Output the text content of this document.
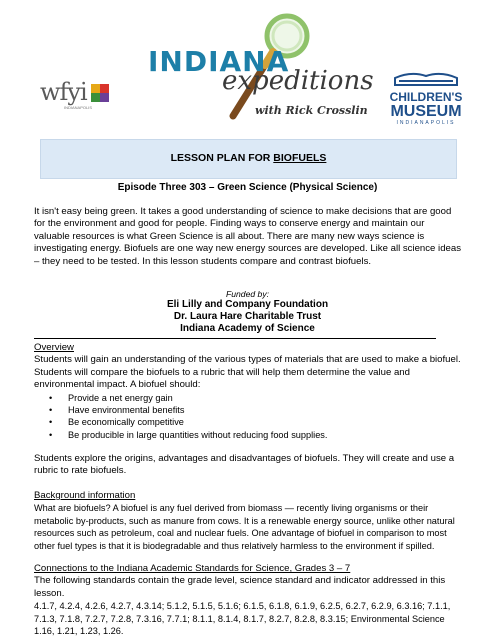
wfyi
INDIANAPOLIS
INDIANA
expeditions
with Rick Crosslin
CHILDREN'S
MUSEUM
INDIANAPOLIS
LESSON PLAN FOR BIOFUELS
Episode Three 303 – Green Science (Physical Science)
It isn't easy being green. It takes a good understanding of science to make decisions that are good for the environment and good for people. Finding ways to conserve energy and maintain our valuable resources is what Green Science is all about. There are many new ways science is investigating energy. Biofuels are one way new energy sources are developed. Like all science ideas – they need to be tested. In this lesson students compare and contrast biofuels.
Funded by:
Eli Lilly and Company Foundation
Dr. Laura Hare Charitable Trust
Indiana Academy of Science
Overview
Students will gain an understanding of the various types of materials that are used to make a biofuel. Students will compare the biofuels to a rubric that will help them determine the value and environmental impact. A biofuel should:
• Provide a net energy gain
• Have environmental benefits
• Be economically competitive
• Be producible in large quantities without reducing food supplies.
Students explore the origins, advantages and disadvantages of biofuels. They will create and use a rubric to rate biofuels.
Background information
What are biofuels? A biofuel is any fuel derived from biomass — recently living organisms or their metabolic by-products, such as manure from cows. It is a renewable energy source, unlike other natural resources such as petroleum, coal and nuclear fuels. One advantage of biofuel in comparison to most other fuel types is that it is biodegradable and thus relatively harmless to the environment if spilled.
Connections to the Indiana Academic Standards for Science, Grades 3 – 7
The following standards contain the grade level, science standard and indicator addressed in this lesson.
4.1.7, 4.2.4, 4.2.6, 4.2.7, 4.3.14; 5.1.2, 5.1.5, 5.1.6; 6.1.5, 6.1.8, 6.1.9, 6.2.5, 6.2.7, 6.2.9, 6.3.16; 7.1.1, 7.1.3, 7.1.8, 7.2.7, 7.2.8, 7.3.16, 7.7.1; 8.1.1, 8.1.4, 8.1.7, 8.2.7, 8.2.8, 8.3.15; Environmental Science 1.16, 1.21, 1.23, 1.26.
